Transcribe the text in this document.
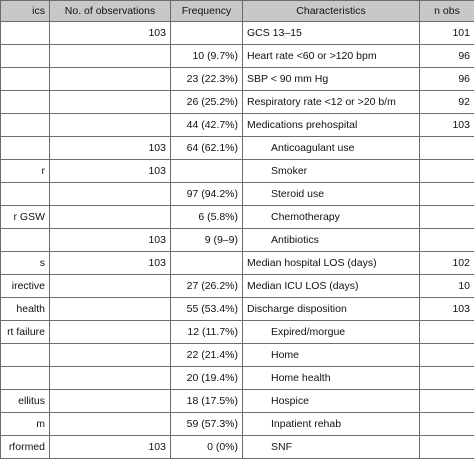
ics	No. of observations	Frequency	Characteristics	n obs
	103		GCS 13–15	101
		10 (9.7%)	Heart rate <60 or >120 bpm	96
		23 (22.3%)	SBP < 90 mm Hg	96
		26 (25.2%)	Respiratory rate <12 or >20 b/m	92
		44 (42.7%)	Medications prehospital	103
	103	64 (62.1%)	Anticoagulant use	
r	103		Smoker	
		97 (94.2%)	Steroid use	
r GSW		6 (5.8%)	Chemotherapy	
	103	9 (9–9)	Antibiotics	
s	103		Median hospital LOS (days)	102
irective		27 (26.2%)	Median ICU LOS (days)	10
health		55 (53.4%)	Discharge disposition	103
rt failure		12 (11.7%)	Expired/morgue	
		22 (21.4%)	Home	
		20 (19.4%)	Home health	
ellitus		18 (17.5%)	Hospice	
m		59 (57.3%)	Inpatient rehab	
rformed	103	0 (0%)	SNF	
